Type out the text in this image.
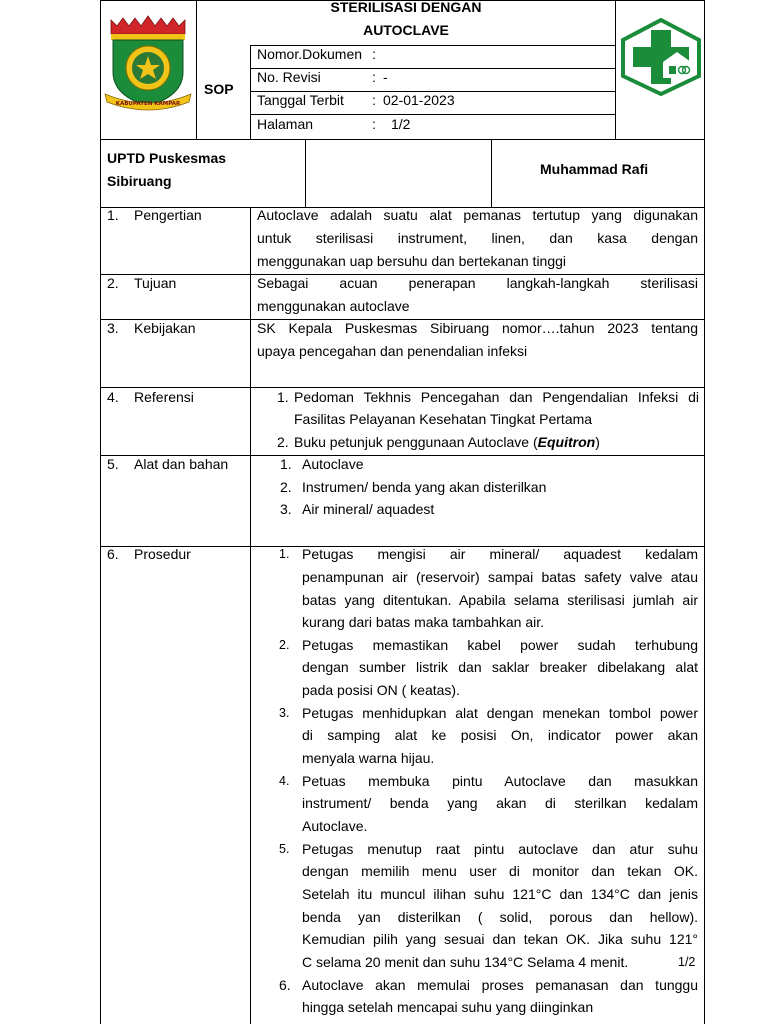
KABUPATEN KAMPAR
STERILISASI DENGAN
AUTOCLAVE
SOP
Nomor.Dokumen :
No. Revisi	: -
Tanggal Terbit : 02-01-2023
Halaman	: 1/2
UPTD Puskesmas
Sibiruang
Muhammad Rafi
1. Pengertian	Autoclave adalah suatu alat pemanas tertutup yang digunakan
untuk sterilisasi instrument, linen, dan kasa dengan
menggunakan uap bersuhu dan bertekanan tinggi
2. Tujuan	Sebagai acuan penerapan langkah-langkah sterilisasi
menggunakan autoclave
3. Kebijakan	SK Kepala Puskesmas Sibiruang nomor….tahun 2023 tentang
upaya pencegahan dan penendalian infeksi
4. Referensi	1. Pedoman Tekhnis Pencegahan dan Pengendalian Infeksi di
Fasilitas Pelayanan Kesehatan Tingkat Pertama
2. Buku petunjuk penggunaan Autoclave (Equitron)
5. Alat dan bahan	1. Autoclave
2. Instrumen/ benda yang akan disterilkan
3. Air mineral/ aquadest
6. Prosedur	1. Petugas mengisi air mineral/ aquadest kedalam
penampunan air (reservoir) sampai batas safety valve atau
batas yang ditentukan. Apabila selama sterilisasi jumlah air
kurang dari batas maka tambahkan air.
2. Petugas memastikan kabel power sudah terhubung
dengan sumber listrik dan saklar breaker dibelakang alat
pada posisi ON ( keatas).
3. Petugas menhidupkan alat dengan menekan tombol power
di samping alat ke posisi On, indicator power akan
menyala warna hijau.
4. Petuas membuka pintu Autoclave dan masukkan
instrument/ benda yang akan di sterilkan kedalam
Autoclave.
5. Petugas menutup raat pintu autoclave dan atur suhu
dengan memilih menu user di monitor dan tekan OK.
Setelah itu muncul ilihan suhu 121°C dan 134°C dan jenis
benda yan disterilkan ( solid, porous dan hellow).
Kemudian pilih yang sesuai dan tekan OK. Jika suhu 121°
C selama 20 menit dan suhu 134°C Selama 4 menit.	1/2
6. Autoclave akan memulai proses pemanasan dan tunggu
hingga setelah mencapai suhu yang diinginkan
